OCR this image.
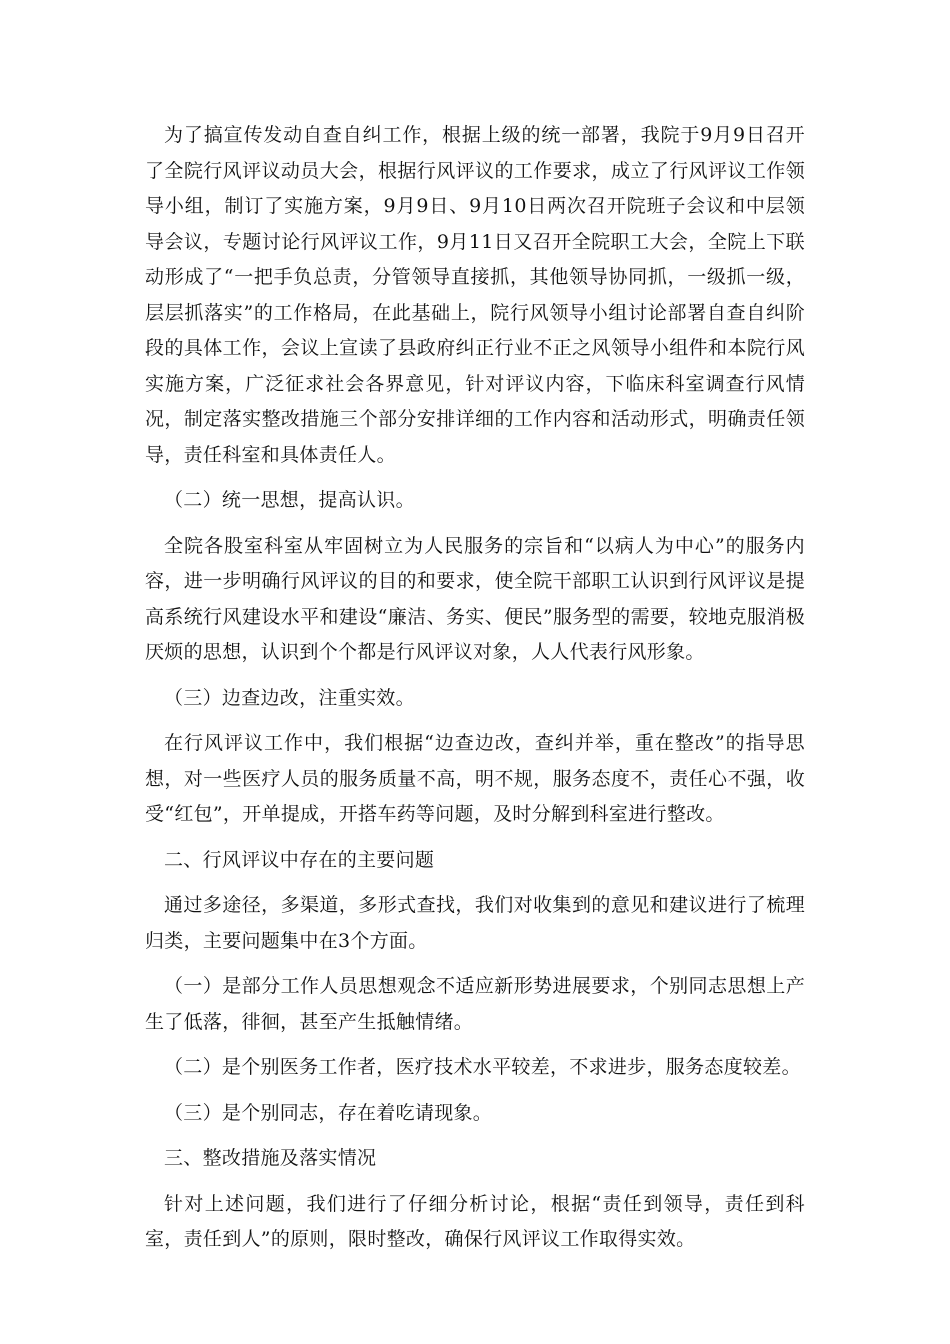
为了搞宣传发动自查自纠工作，根据上级的统一部署，我院于9月9日召开了全院行风评议动员大会，根据行风评议的工作要求，成立了行风评议工作领导小组，制订了实施方案，9月9日、9月10日两次召开院班子会议和中层领导会议，专题讨论行风评议工作，9月11日又召开全院职工大会，全院上下联动形成了“一把手负总责，分管领导直接抓，其他领导协同抓，一级抓一级，层层抓落实”的工作格局，在此基础上，院行风领导小组讨论部署自查自纠阶段的具体工作，会议上宣读了县政府纠正行业不正之风领导小组件和本院行风实施方案，广泛征求社会各界意见，针对评议内容，下临床科室调查行风情况，制定落实整改措施三个部分安排详细的工作内容和活动形式，明确责任领导，责任科室和具体责任人。

（二）统一思想，提高认识。

全院各股室科室从牢固树立为人民服务的宗旨和“以病人为中心”的服务内容，进一步明确行风评议的目的和要求，使全院干部职工认识到行风评议是提高系统行风建设水平和建设“廉洁、务实、便民”服务型的需要，较地克服消极厌烦的思想，认识到个个都是行风评议对象，人人代表行风形象。

（三）边查边改，注重实效。

在行风评议工作中，我们根据“边查边改，查纠并举，重在整改”的指导思想，对一些医疗人员的服务质量不高，明不规，服务态度不，责任心不强，收受“红包”，开单提成，开搭车药等问题，及时分解到科室进行整改。

二、行风评议中存在的主要问题

通过多途径，多渠道，多形式查找，我们对收集到的意见和建议进行了梳理归类，主要问题集中在3个方面。

（一）是部分工作人员思想观念不适应新形势进展要求，个别同志思想上产生了低落，徘徊，甚至产生抵触情绪。

（二）是个别医务工作者，医疗技术水平较差，不求进步，服务态度较差。

（三）是个别同志，存在着吃请现象。

三、整改措施及落实情况

针对上述问题，我们进行了仔细分析讨论，根据“责任到领导，责任到科室，责任到人”的原则，限时整改，确保行风评议工作取得实效。
